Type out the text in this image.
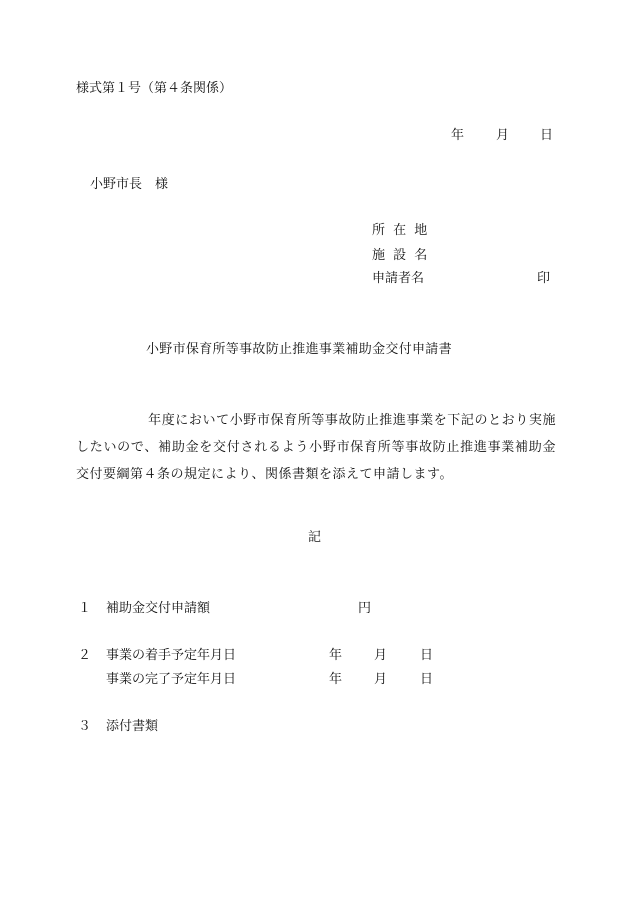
様式第１号（第４条関係）
年 月 日
小野市長　様
所 在 地
施 設 名
申請者名	印
小野市保育所等事故防止推進事業補助金交付申請書
年度において小野市保育所等事故防止推進事業を下記のとおり実施したいので、補助金を交付されるよう小野市保育所等事故防止推進事業補助金交付要綱第４条の規定により、関係書類を添えて申請します。
記
１ 補助金交付申請額	円
２ 事業の着手予定年月日	年 月	日
事業の完了予定年月日	年 月	日
３ 添付書類
